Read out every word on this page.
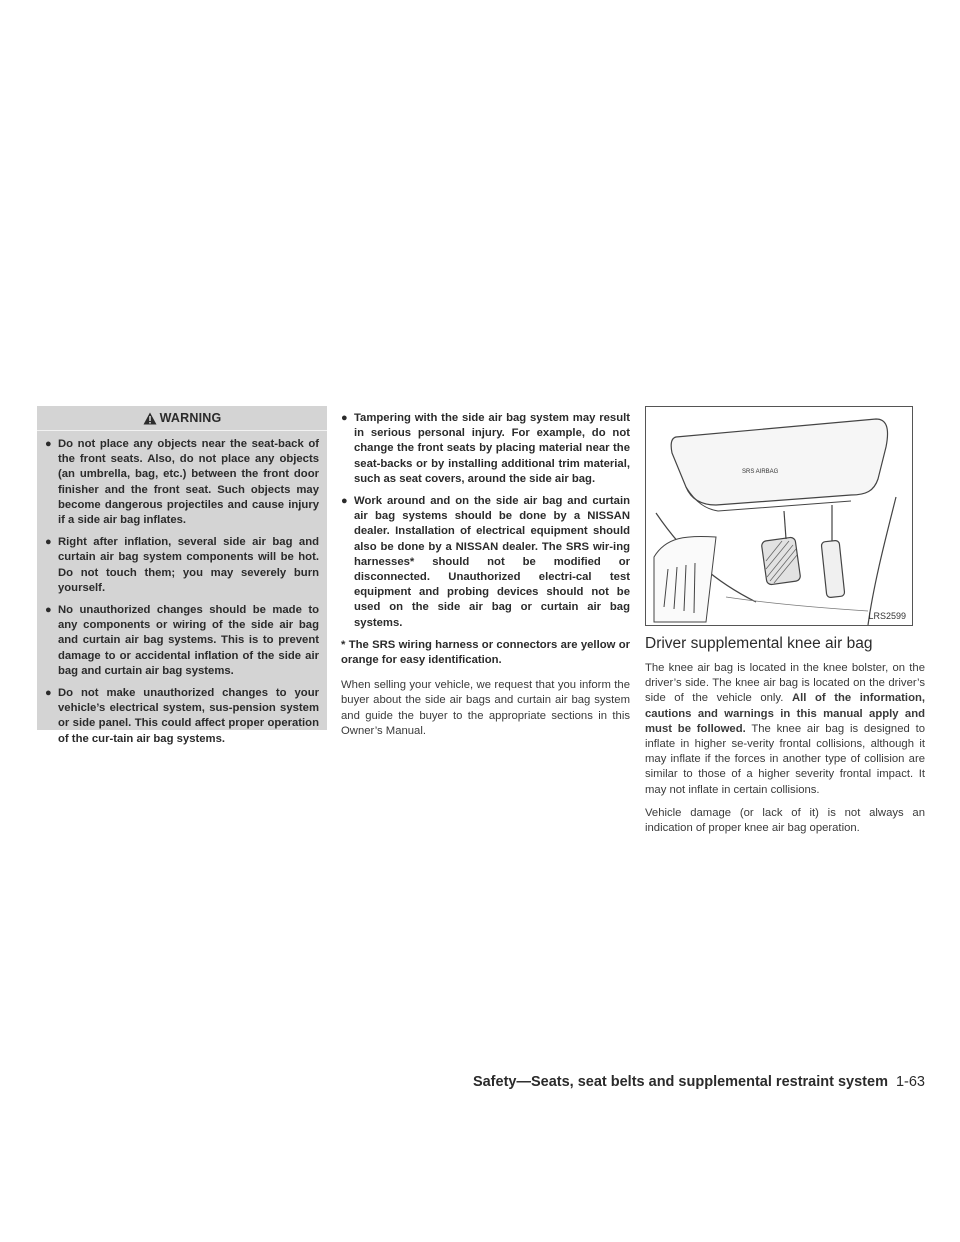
WARNING
● Do not place any objects near the seat-back of the front seats. Also, do not place any objects (an umbrella, bag, etc.) between the front door finisher and the front seat. Such objects may become dangerous projectiles and cause injury if a side air bag inflates.
● Right after inflation, several side air bag and curtain air bag system components will be hot. Do not touch them; you may severely burn yourself.
● No unauthorized changes should be made to any components or wiring of the side air bag and curtain air bag systems. This is to prevent damage to or accidental inflation of the side air bag and curtain air bag systems.
● Do not make unauthorized changes to your vehicle’s electrical system, sus-pension system or side panel. This could affect proper operation of the cur-tain air bag systems.
● Tampering with the side air bag system may result in serious personal injury. For example, do not change the front seats by placing material near the seat-backs or by installing additional trim material, such as seat covers, around the side air bag.
● Work around and on the side air bag and curtain air bag systems should be done by a NISSAN dealer. Installation of electrical equipment should also be done by a NISSAN dealer. The SRS wir-ing harnesses* should not be modified or disconnected. Unauthorized electri-cal test equipment and probing devices should not be used on the side air bag or curtain air bag systems.

* The SRS wiring harness or connectors are yellow or orange for easy identification.

When selling your vehicle, we request that you inform the buyer about the side air bags and curtain air bag system and guide the buyer to the appropriate sections in this Owner’s Manual.

SRS AIRBAG
LRS2599
Driver supplemental knee air bag

The knee air bag is located in the knee bolster, on the driver’s side. The knee air bag is located on the driver’s side of the vehicle only. All of the information, cautions and warnings in this manual apply and must be followed. The knee air bag is designed to inflate in higher se-verity frontal collisions, although it may inflate if the forces in another type of collision are similar to those of a higher severity frontal impact. It may not inflate in certain collisions.

Vehicle damage (or lack of it) is not always an indication of proper knee air bag operation.

Safety—Seats, seat belts and supplemental restraint system 1-63
